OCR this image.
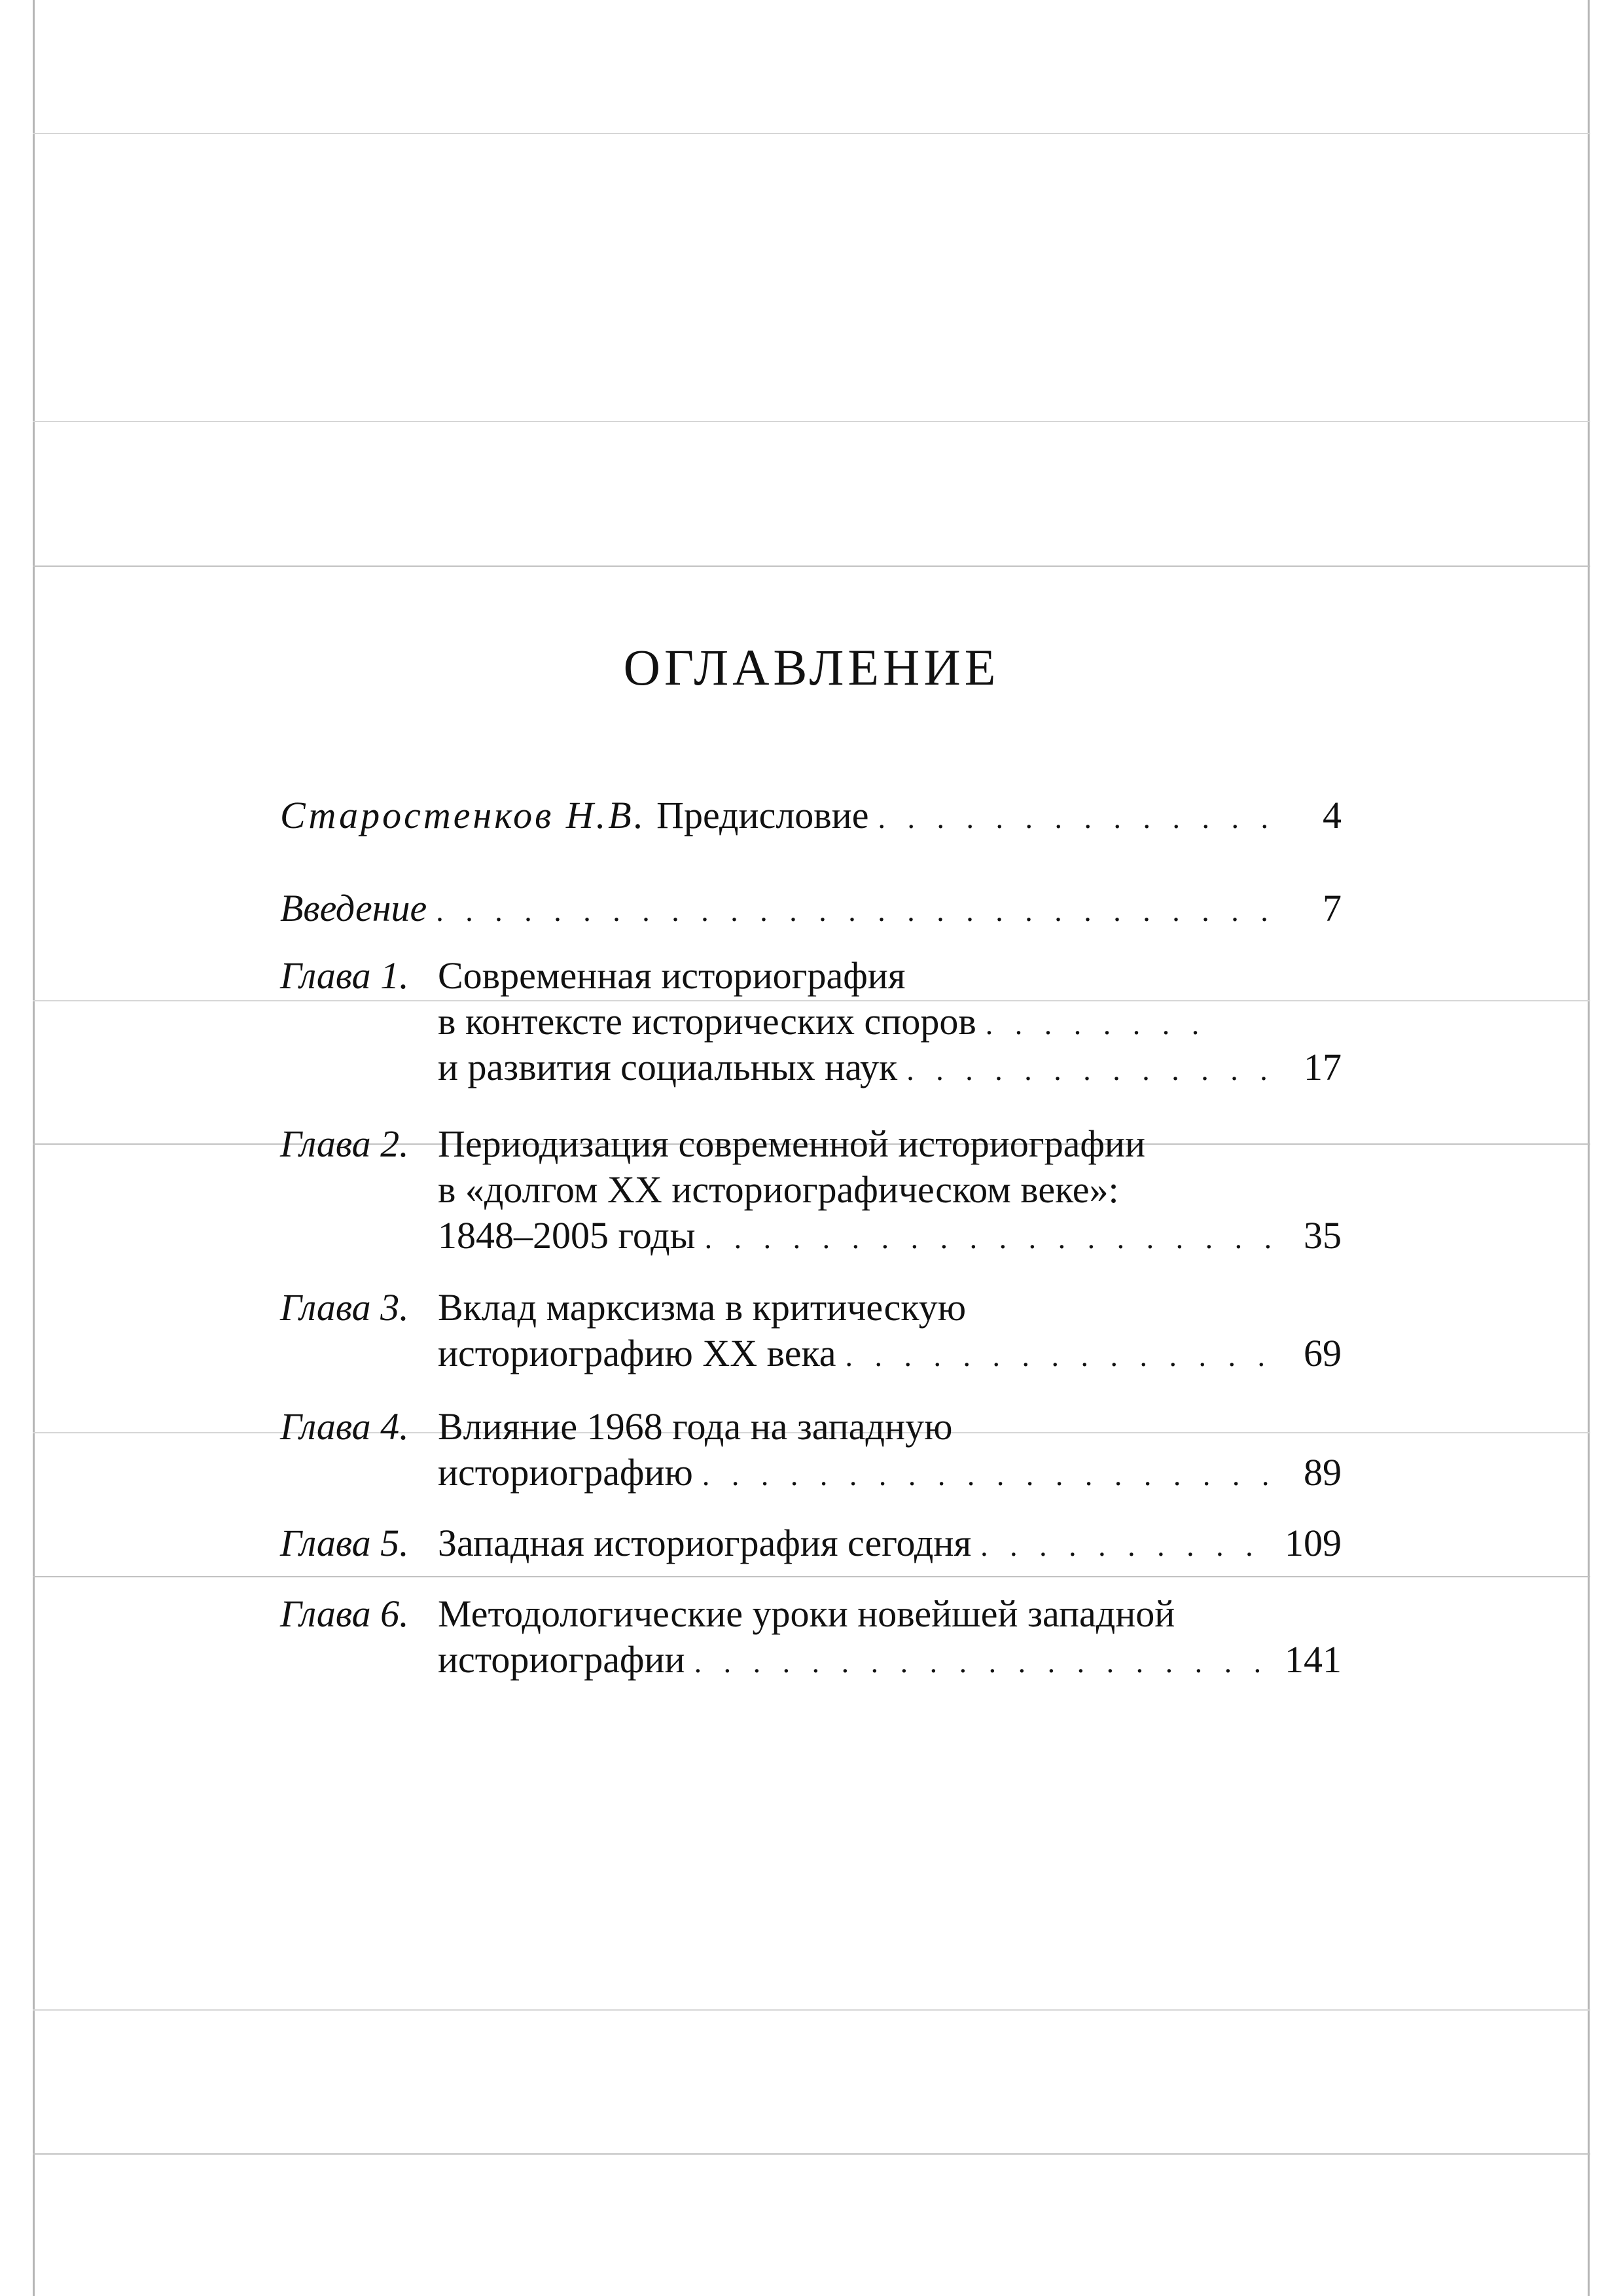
ОГЛАВЛЕНИЕ
Старостенков Н.В. Предисловие . . .	4
Введение . . .	7
Глава 1. Современная историография
в контексте исторических споров
. . .
и развития социальных наук . . .	17
Глава 2. Периодизация современной историографии
в «долгом XX историографическом веке»:
1848–2005 годы . . .	35
Глава 3. Вклад марксизма в критическую
историографию XX века . . .	69
Глава 4. Влияние 1968 года на западную
историографию . . .	89
Глава 5. Западная историография сегодня . . .	109
Глава 6. Методологические уроки новейшей западной
историографии . . .	141
